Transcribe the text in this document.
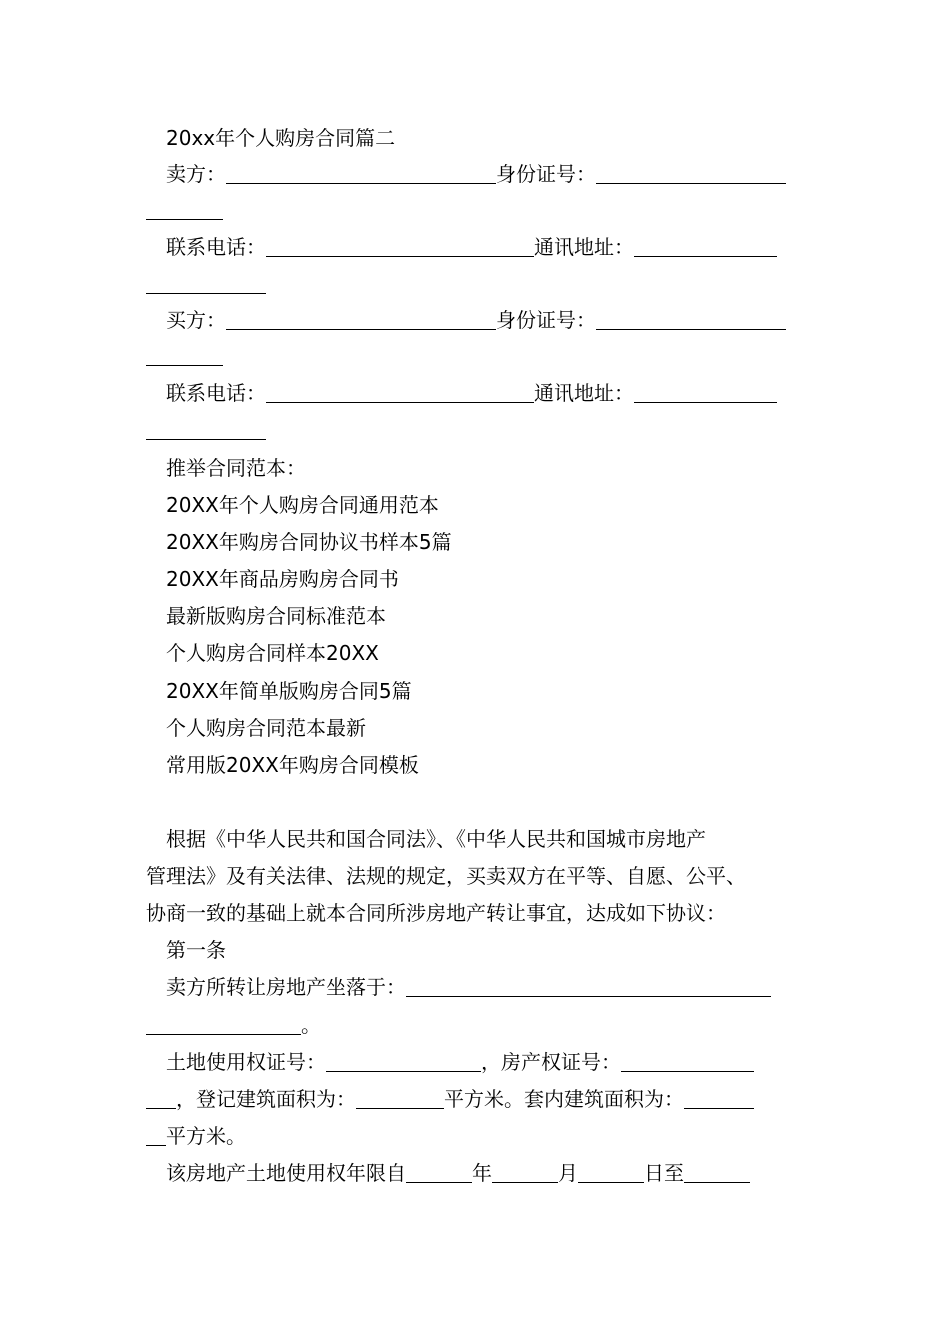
20xx年个人购房合同篇二
卖方：	身份证号：
联系电话：	通讯地址：
买方：	身份证号：
联系电话：	通讯地址：
推举合同范本：
20XX年个人购房合同通用范本
20XX年购房合同协议书样本5篇
20XX年商品房购房合同书
最新版购房合同标准范本
个人购房合同样本20XX
20XX年简单版购房合同5篇
个人购房合同范本最新
常用版20XX年购房合同模板
根据《中华人民共和国合同法》、《中华人民共和国城市房地产
管理法》及有关法律、法规的规定，买卖双方在平等、自愿、公平、
协商一致的基础上就本合同所涉房地产转让事宜，达成如下协议：
第一条
卖方所转让房地产坐落于：
。
土地使用权证号：	，房产权证号：
，登记建筑面积为：	平方米。套内建筑面积为：
平方米。
该房地产土地使用权年限自	年	月	日至
